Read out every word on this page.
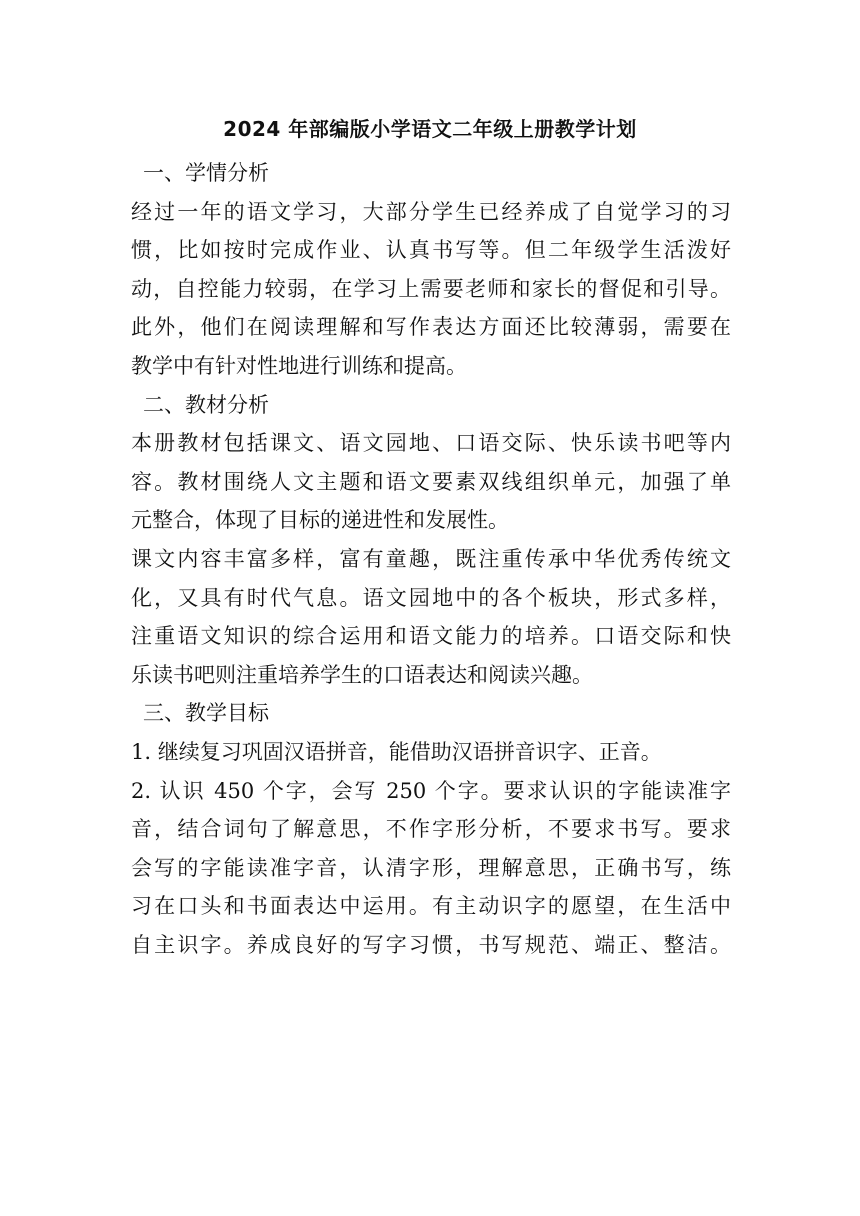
2024 年部编版小学语文二年级上册教学计划
一、学情分析
经过一年的语文学习，大部分学生已经养成了自觉学习的习
惯，比如按时完成作业、认真书写等。但二年级学生活泼好
动，自控能力较弱，在学习上需要老师和家长的督促和引导。
此外，他们在阅读理解和写作表达方面还比较薄弱，需要在
教学中有针对性地进行训练和提高。
二、教材分析
本册教材包括课文、语文园地、口语交际、快乐读书吧等内
容。教材围绕人文主题和语文要素双线组织单元，加强了单
元整合，体现了目标的递进性和发展性。
课文内容丰富多样，富有童趣，既注重传承中华优秀传统文
化，又具有时代气息。语文园地中的各个板块，形式多样，
注重语文知识的综合运用和语文能力的培养。口语交际和快
乐读书吧则注重培养学生的口语表达和阅读兴趣。
三、教学目标
1. 继续复习巩固汉语拼音，能借助汉语拼音识字、正音。
2. 认识 450 个字，会写 250 个字。要求认识的字能读准字
音，结合词句了解意思，不作字形分析，不要求书写。要求
会写的字能读准字音，认清字形，理解意思，正确书写，练
习在口头和书面表达中运用。有主动识字的愿望，在生活中
自主识字。养成良好的写字习惯，书写规范、端正、整洁。
